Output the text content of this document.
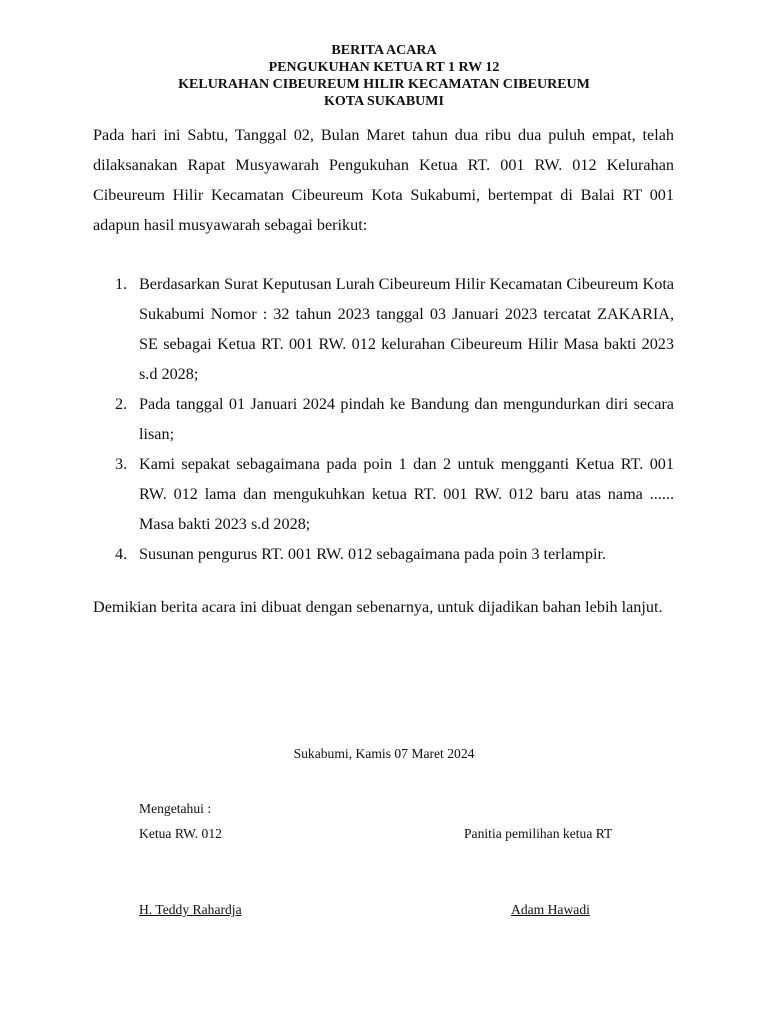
BERITA ACARA

PENGUKUHAN KETUA RT 1 RW 12

KELURAHAN CIBEUREUM HILIR KECAMATAN CIBEUREUM

KOTA SUKABUMI

Pada hari ini Sabtu, Tanggal 02, Bulan Maret tahun dua ribu dua puluh empat, telah dilaksanakan Rapat Musyawarah Pengukuhan Ketua RT. 001 RW. 012 Kelurahan Cibeureum Hilir Kecamatan Cibeureum Kota Sukabumi, bertempat di Balai RT 001 adapun hasil musyawarah sebagai berikut:

1. Berdasarkan Surat Keputusan Lurah Cibeureum Hilir Kecamatan Cibeureum Kota Sukabumi Nomor : 32 tahun 2023 tanggal 03 Januari 2023 tercatat ZAKARIA, SE sebagai Ketua RT. 001 RW. 012 kelurahan Cibeureum Hilir Masa bakti 2023 s.d 2028;
2. Pada tanggal 01 Januari 2024 pindah ke Bandung dan mengundurkan diri secara lisan;
3. Kami sepakat sebagaimana pada poin 1 dan 2 untuk mengganti Ketua RT. 001 RW. 012 lama dan mengukuhkan ketua RT. 001 RW. 012 baru atas nama ...... Masa bakti 2023 s.d 2028;
4. Susunan pengurus RT. 001 RW. 012 sebagaimana pada poin 3 terlampir.

Demikian berita acara ini dibuat dengan sebenarnya, untuk dijadikan bahan lebih lanjut.

Sukabumi, Kamis 07 Maret 2024

Mengetahui :

Ketua RW. 012	Panitia pemilihan ketua RT

H. Teddy Rahardja	Adam Hawadi
